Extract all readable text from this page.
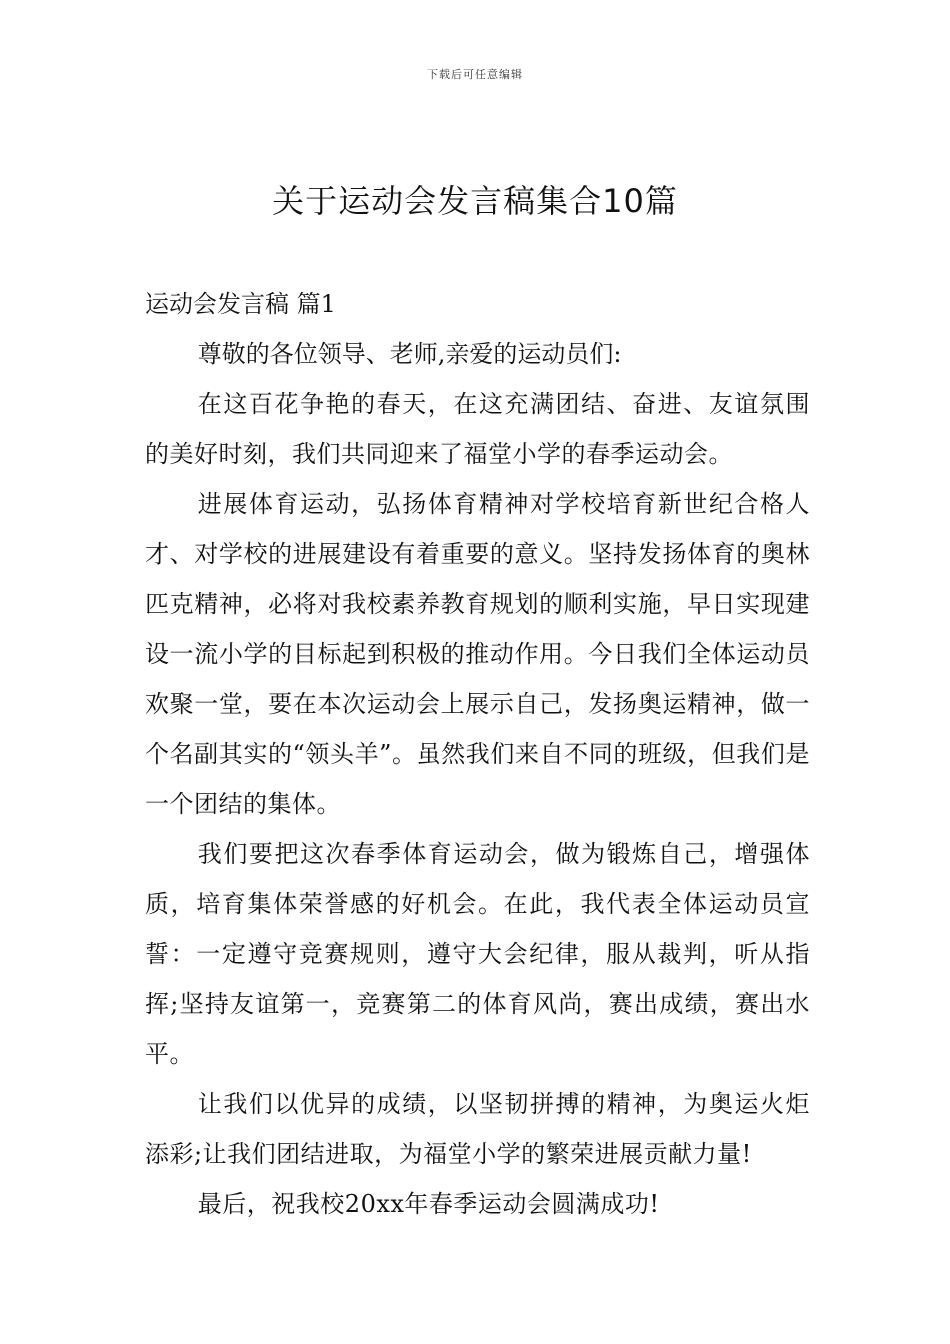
下载后可任意编辑
关于运动会发言稿集合10篇

运动会发言稿 篇1

尊敬的各位领导、老师,亲爱的运动员们:

在这百花争艳的春天，在这充满团结、奋进、友谊氛围的美好时刻，我们共同迎来了福堂小学的春季运动会。

进展体育运动，弘扬体育精神对学校培育新世纪合格人才、对学校的进展建设有着重要的意义。坚持发扬体育的奥林匹克精神，必将对我校素养教育规划的顺利实施，早日实现建设一流小学的目标起到积极的推动作用。今日我们全体运动员欢聚一堂，要在本次运动会上展示自己，发扬奥运精神，做一个名副其实的“领头羊”。虽然我们来自不同的班级，但我们是一个团结的集体。

我们要把这次春季体育运动会，做为锻炼自己，增强体质，培育集体荣誉感的好机会。在此，我代表全体运动员宣誓：一定遵守竞赛规则，遵守大会纪律，服从裁判，听从指挥;坚持友谊第一，竞赛第二的体育风尚，赛出成绩，赛出水平。

让我们以优异的成绩，以坚韧拼搏的精神，为奥运火炬添彩;让我们团结进取，为福堂小学的繁荣进展贡献力量!

最后，祝我校20xx年春季运动会圆满成功!
